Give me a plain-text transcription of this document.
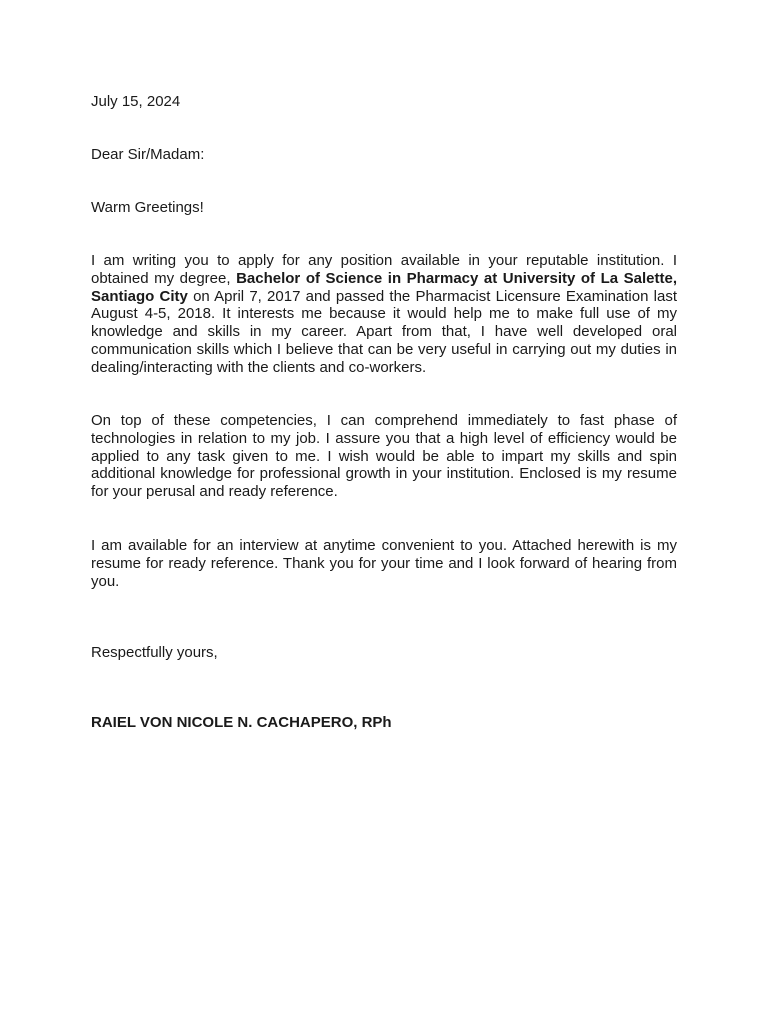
July 15, 2024

Dear Sir/Madam:

Warm Greetings!

I am writing you to apply for any position available in your reputable institution. I
obtained my degree, Bachelor of Science in Pharmacy at University of La Salette,
Santiago City on April 7, 2017 and passed the Pharmacist Licensure Examination last
August 4-5, 2018. It interests me because it would help me to make full use of my
knowledge and skills in my career. Apart from that, I have well developed oral
communication skills which I believe that can be very useful in carrying out my duties in
dealing/interacting with the clients and co-workers.
On top of these competencies, I can comprehend immediately to fast phase of
technologies in relation to my job. I assure you that a high level of efficiency would be
applied to any task given to me. I wish would be able to impart my skills and spin
additional knowledge for professional growth in your institution. Enclosed is my resume
for your perusal and ready reference.
I am available for an interview at anytime convenient to you. Attached herewith is my
resume for ready reference. Thank you for your time and I look forward of hearing from
you.

Respectfully yours,

RAIEL VON NICOLE N. CACHAPERO, RPh
